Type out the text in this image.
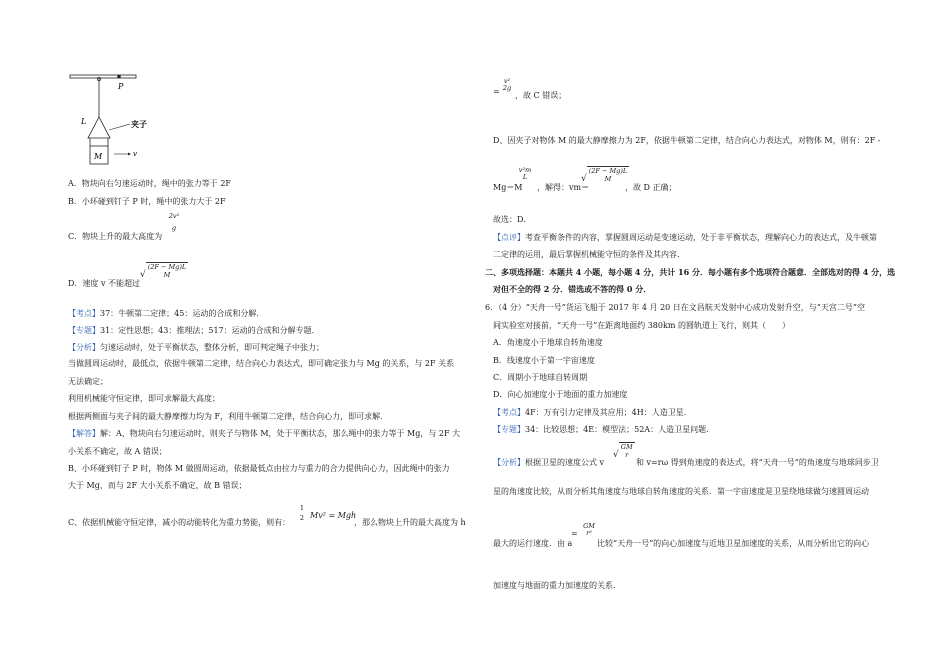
P
L	夹子
M	v
A．物块向右匀速运动时，绳中的张力等于 2F
B．小环碰到钉子 P 时，绳中的张力大于 2F
2v²
g
C．物块上升的最大高度为
D．速度 v 不能超过
√
(2F − Mg)L
M
【考点】37：牛顿第二定律；45：运动的合成和分解．
【专题】31：定性思想；43：推理法；517：运动的合成和分解专题．
【分析】匀速运动时，处于平衡状态，整体分析，即可判定绳子中张力；
当做圆周运动时，最低点，依据牛顿第二定律，结合向心力表达式，即可确定张力与 Mg 的关系，与 2F 关系
无法确定；
利用机械能守恒定律，即可求解最大高度；
根据两侧面与夹子间的最大静摩擦力均为 F，利用牛顿第二定律，结合向心力，即可求解．
【解答】解：A、物块向右匀速运动时，则夹子与物体 M，处于平衡状态，那么绳中的张力等于 Mg，与 2F 大
小关系不确定，故 A 错误；
B、小环碰到钉子 P 时，物体 M 做圆周运动，依据最低点由拉力与重力的合力提供向心力，因此绳中的张力
大于 Mg，而与 2F 大小关系不确定，故 B 错误；
C、依据机械能守恒定律，减小的动能转化为重力势能，则有：
1
2 Mv² = Mgh
，那么物块上升的最大高度为 h
=
v²
2g
，故 C 错误；
D、因夹子对物体 M 的最大静摩擦力为 2F，依据牛顿第二定律，结合向心力表达式，对物体 M，则有：2F -
Mg＝M
v²m
L
，解得：vm＝
√
(2F − Mg)L
M
，故 D 正确；
故选：D．
【点评】考查平衡条件的内容，掌握圆周运动是变速运动，处于非平衡状态，理解向心力的表达式，及牛顿第
二定律的运用，最后掌握机械能守恒的条件及其内容．
二、多项选择题：本题共 4 小题，每小题 4 分，共计 16 分．每小题有多个选项符合题意．全部选对的得 4 分，选
对但不全的得 2 分．错选或不答的得 0 分．
6．（4 分）“天舟一号”货运飞船于 2017 年 4 月 20 日在文昌航天发射中心成功发射升空，与“天宫二号”空
间实验室对接前，“天舟一号”在距离地面约 380km 的圆轨道上飞行，则其（　　）
A．角速度小于地球自转角速度
B．线速度小于第一宇宙速度
C．周期小于地球自转周期
D．向心加速度小于地面的重力加速度
【考点】4F：万有引力定律及其应用；4H：人造卫星．
【专题】34：比较思想；4E：模型法；52A：人造卫星问题．
【分析】根据卫星的速度公式 v
√
GM
r
和 v=rω 得到角速度的表达式，将“天舟一号”的角速度与地球同步卫
星的角速度比较，从而分析其角速度与地球自转角速度的关系．第一宇宙速度是卫星绕地球做匀速圆周运动
=
GM
r²
最大的运行速度．由 a	比较“天舟一号”的向心加速度与近地卫星加速度的关系，从而分析出它的向心
加速度与地面的重力加速度的关系．
